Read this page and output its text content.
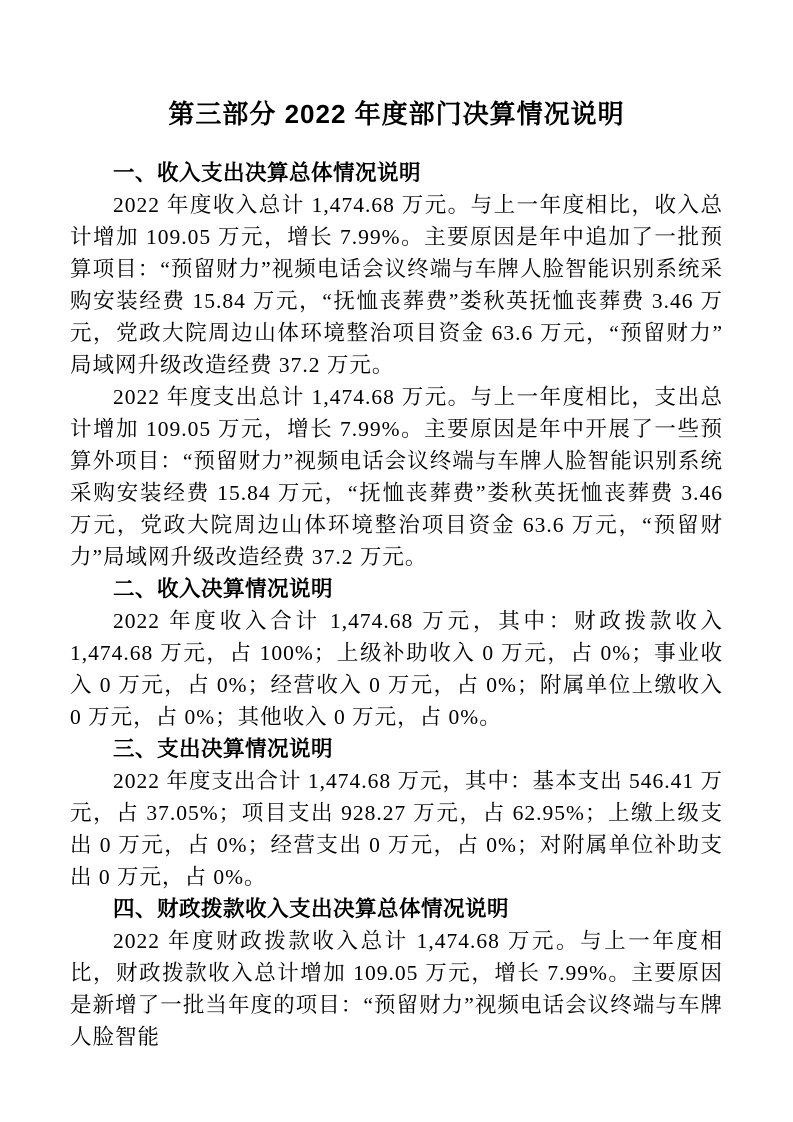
第三部分 2022 年度部门决算情况说明
一、收入支出决算总体情况说明

2022 年度收入总计 1,474.68 万元。与上一年度相比，收入总计增加 109.05 万元，增长 7.99%。主要原因是年中追加了一批预算项目：“预留财力”视频电话会议终端与车牌人脸智能识别系统采购安装经费 15.84 万元，“抚恤丧葬费”娄秋英抚恤丧葬费 3.46 万元，党政大院周边山体环境整治项目资金 63.6 万元，“预留财力”局域网升级改造经费 37.2 万元。

2022 年度支出总计 1,474.68 万元。与上一年度相比，支出总计增加 109.05 万元，增长 7.99%。主要原因是年中开展了一些预算外项目：“预留财力”视频电话会议终端与车牌人脸智能识别系统采购安装经费 15.84 万元，“抚恤丧葬费”娄秋英抚恤丧葬费 3.46 万元，党政大院周边山体环境整治项目资金 63.6 万元，“预留财力”局域网升级改造经费 37.2 万元。

二、收入决算情况说明

2022 年度收入合计 1,474.68 万元，其中：财政拨款收入 1,474.68 万元，占 100%；上级补助收入 0 万元，占 0%；事业收入 0 万元，占 0%；经营收入 0 万元，占 0%；附属单位上缴收入 0 万元，占 0%；其他收入 0 万元，占 0%。

三、支出决算情况说明

2022 年度支出合计 1,474.68 万元，其中：基本支出 546.41 万元，占 37.05%；项目支出 928.27 万元，占 62.95%；上缴上级支出 0 万元，占 0%；经营支出 0 万元，占 0%；对附属单位补助支出 0 万元，占 0%。

四、财政拨款收入支出决算总体情况说明

2022 年度财政拨款收入总计 1,474.68 万元。与上一年度相比，财政拨款收入总计增加 109.05 万元，增长 7.99%。主要原因是新增了一批当年度的项目：“预留财力”视频电话会议终端与车牌人脸智能
